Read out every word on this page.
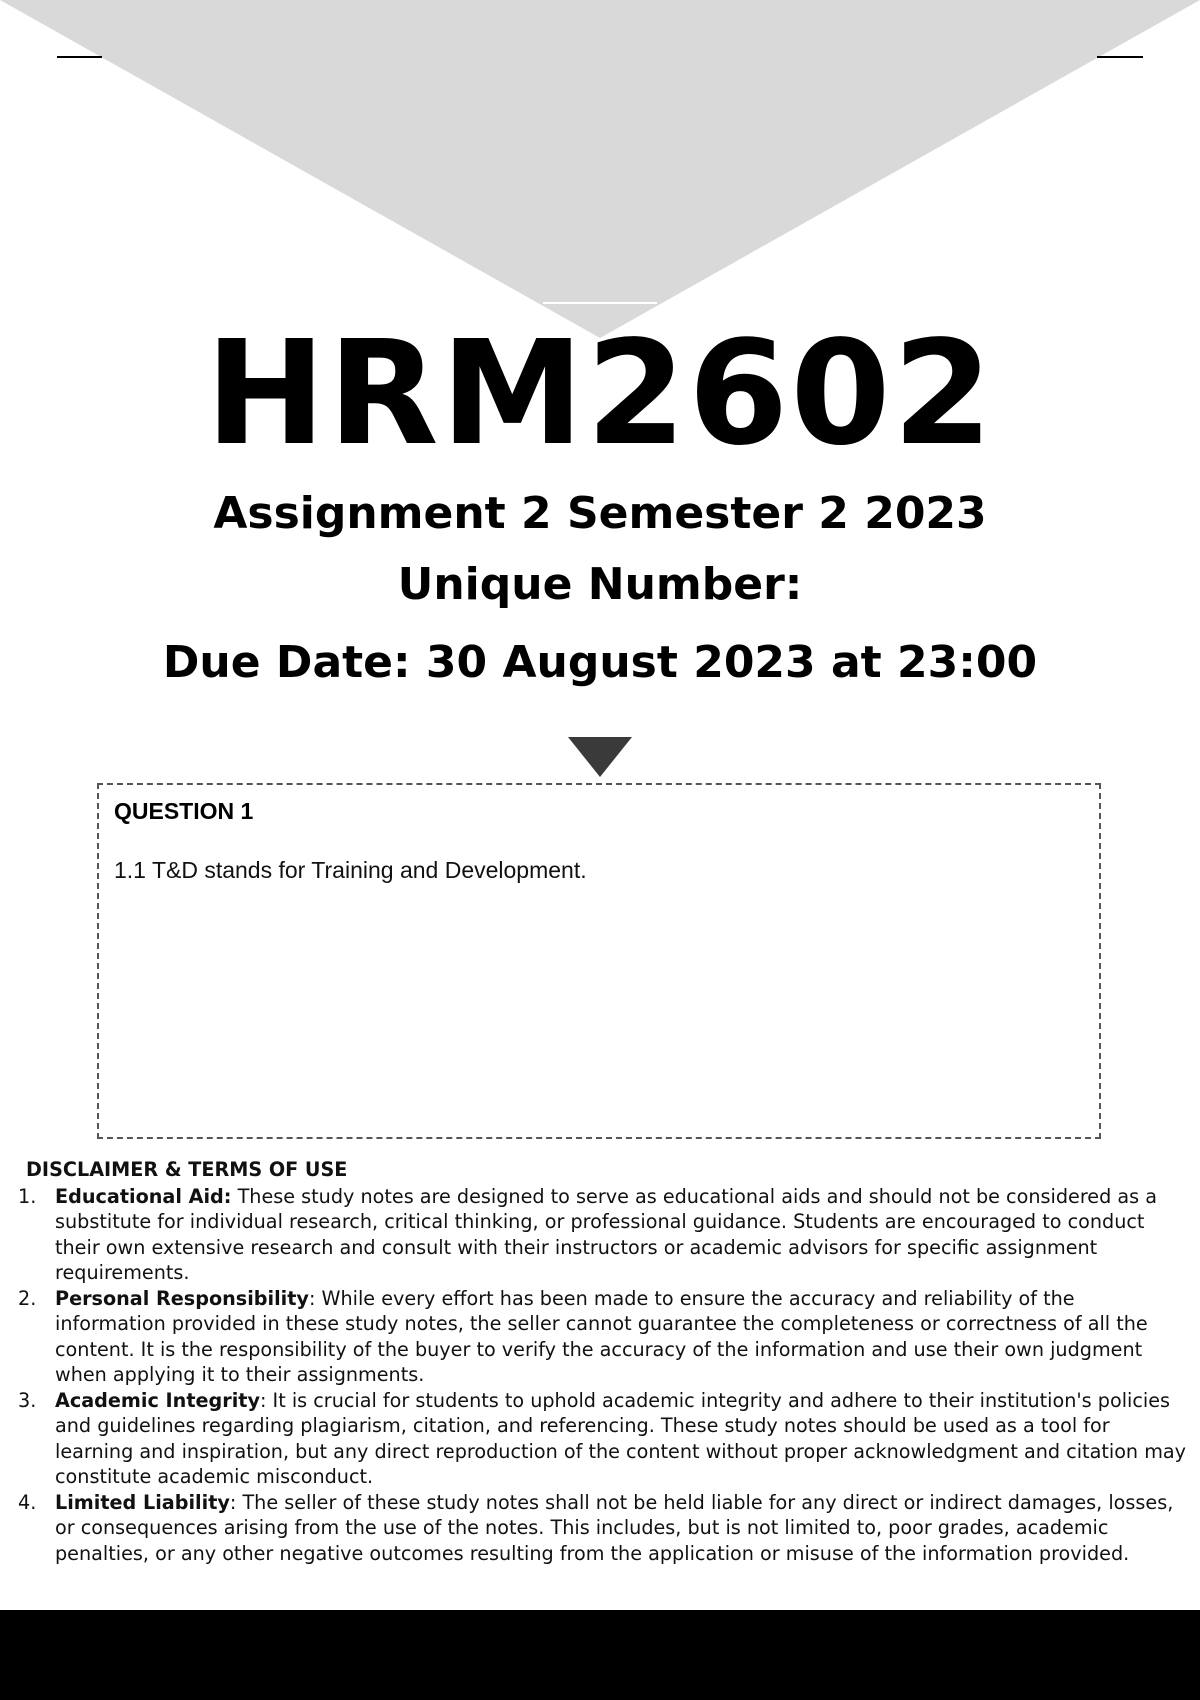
HRM2602
Assignment 2 Semester 2 2023
Unique Number:
Due Date: 30 August 2023 at 23:00
QUESTION 1
1.1 T&D stands for Training and Development.
DISCLAIMER & TERMS OF USE
1. Educational Aid: These study notes are designed to serve as educational aids and should not be considered as a substitute for individual research, critical thinking, or professional guidance. Students are encouraged to conduct their own extensive research and consult with their instructors or academic advisors for specific assignment requirements.
2. Personal Responsibility: While every effort has been made to ensure the accuracy and reliability of the information provided in these study notes, the seller cannot guarantee the completeness or correctness of all the content. It is the responsibility of the buyer to verify the accuracy of the information and use their own judgment when applying it to their assignments.
3. Academic Integrity: It is crucial for students to uphold academic integrity and adhere to their institution's policies and guidelines regarding plagiarism, citation, and referencing. These study notes should be used as a tool for learning and inspiration, but any direct reproduction of the content without proper acknowledgment and citation may constitute academic misconduct.
4. Limited Liability: The seller of these study notes shall not be held liable for any direct or indirect damages, losses, or consequences arising from the use of the notes. This includes, but is not limited to, poor grades, academic penalties, or any other negative outcomes resulting from the application or misuse of the information provided.
